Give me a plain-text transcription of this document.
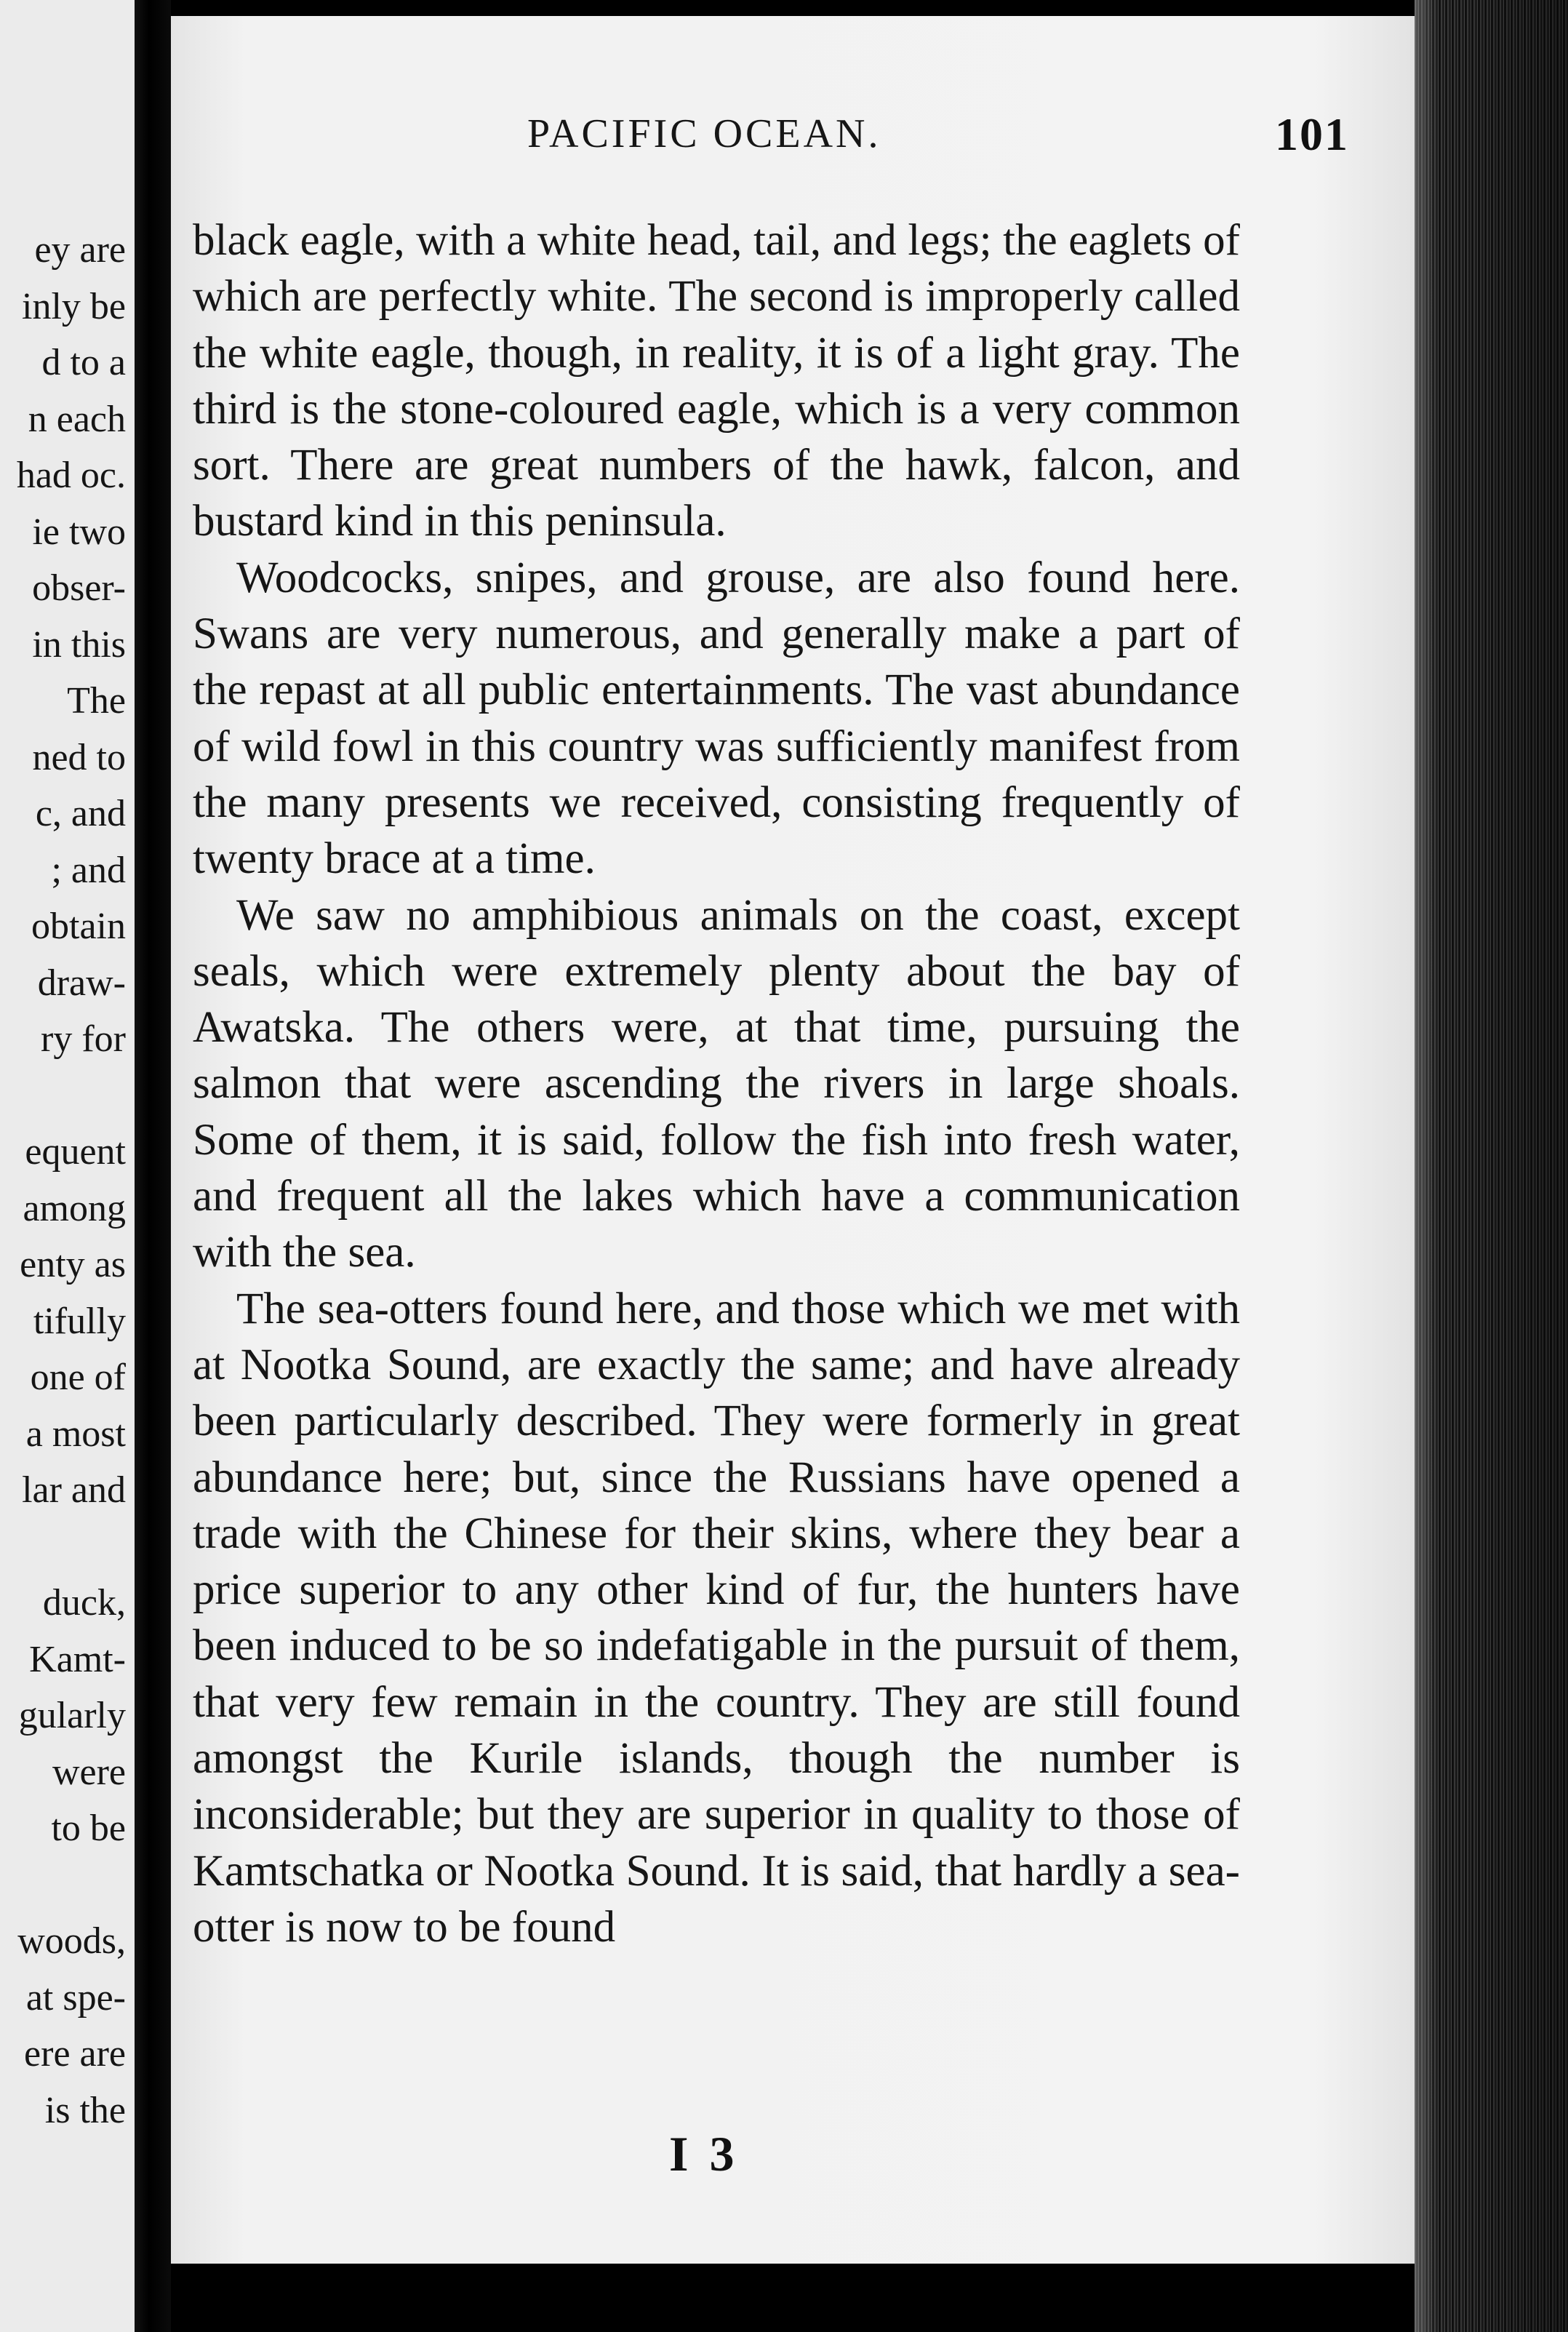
ey are
inly be
d to a
n each
had oc.
ie two
obser-
in this
The
ned to
c, and
; and
obtain
draw-
ry for
equent
among
enty as
tifully
one of
a most
lar and
duck,
Kamt-
gularly
were
to be
woods,
at spe-
ere are
is the
PACIFIC OCEAN.	101

black eagle, with a white head, tail, and legs; the eaglets of which are perfectly white. The second is improperly called the white eagle, though, in reality, it is of a light gray. The third is the stone-coloured eagle, which is a very common sort. There are great numbers of the hawk, falcon, and bustard kind in this peninsula.

Woodcocks, snipes, and grouse, are also found here. Swans are very numerous, and generally make a part of the repast at all public entertainments. The vast abundance of wild fowl in this country was sufficiently manifest from the many presents we received, consisting frequently of twenty brace at a time.

We saw no amphibious animals on the coast, except seals, which were extremely plenty about the bay of Awatska. The others were, at that time, pursuing the salmon that were ascending the rivers in large shoals. Some of them, it is said, follow the fish into fresh water, and frequent all the lakes which have a communication with the sea.

The sea-otters found here, and those which we met with at Nootka Sound, are exactly the same; and have already been particularly described. They were formerly in great abundance here; but, since the Russians have opened a trade with the Chinese for their skins, where they bear a price superior to any other kind of fur, the hunters have been induced to be so indefatigable in the pursuit of them, that very few remain in the country. They are still found amongst the Kurile islands, though the number is inconsiderable; but they are superior in quality to those of Kamtschatka or Nootka Sound. It is said, that hardly a sea-otter is now to be found

I 3
